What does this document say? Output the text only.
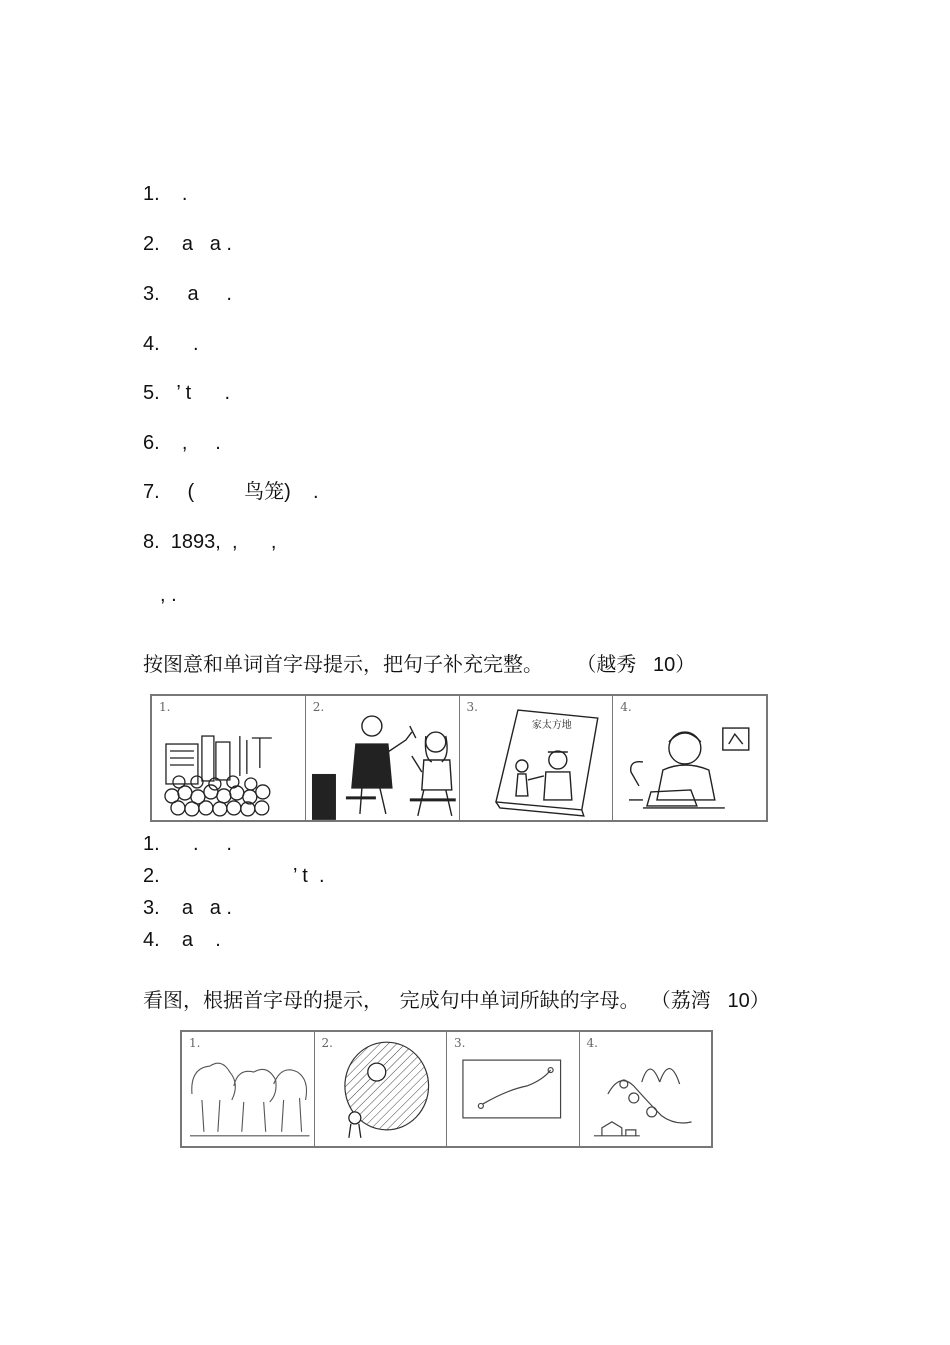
1.    .
2.    a   a .
3.     a     .
4.      .
5.   ’ t      .
6.    ,     .
7.     (         鸟笼)    .
8.  1893,  ,      ,
, .
按图意和单词首字母提示，把句子补充完整。      （越秀   10）
1.	2.	3.
家太方地
4.
1.      .     .
2.                        ’ t  .
3.    a   a .
4.    a    .
看图，根据首字母的提示，   完成句中单词所缺的字母。  （荔湾   10）
1.	2.	3.	4.
